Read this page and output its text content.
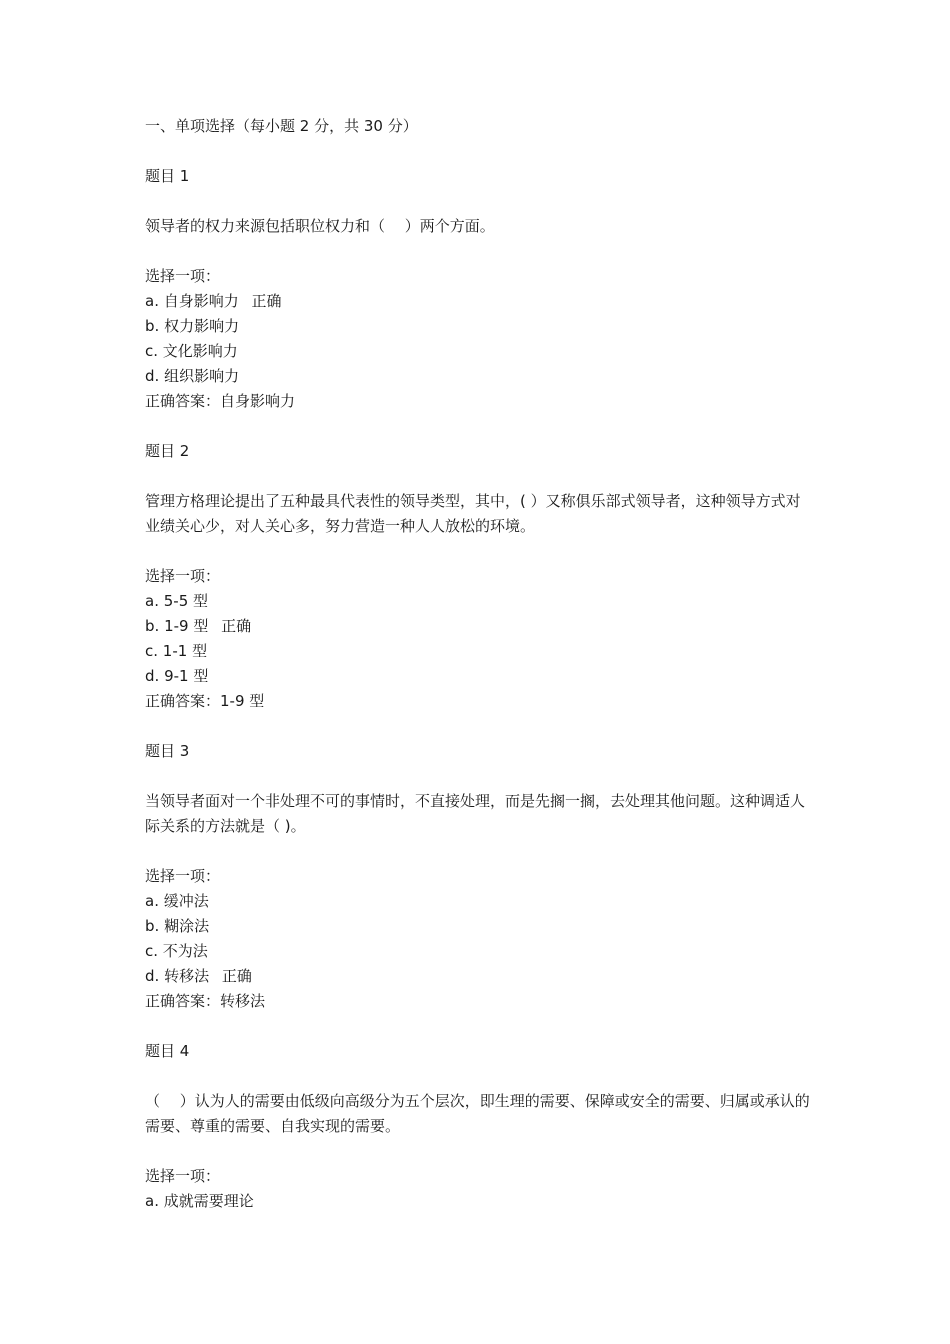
一、单项选择（每小题 2 分，共 30 分）
题目 1
领导者的权力来源包括职位权力和（　 ）两个方面。
选择一项：
a. 自身影响力 正确
b. 权力影响力
c. 文化影响力
d. 组织影响力
正确答案：自身影响力
题目 2
管理方格理论提出了五种最具代表性的领导类型，其中，( ）又称俱乐部式领导者，这种领导方式对业绩关心少，对人关心多，努力营造一种人人放松的环境。
选择一项：
a. 5-5 型
b. 1-9 型 正确
c. 1-1 型
d. 9-1 型
正确答案：1-9 型
题目 3
当领导者面对一个非处理不可的事情时，不直接处理，而是先搁一搁，去处理其他问题。这种调适人际关系的方法就是（ )。
选择一项：
a. 缓冲法
b. 糊涂法
c. 不为法
d. 转移法 正确
正确答案：转移法
题目 4
（　 ）认为人的需要由低级向高级分为五个层次，即生理的需要、保障或安全的需要、归属或承认的需要、尊重的需要、自我实现的需要。
选择一项：
a. 成就需要理论
